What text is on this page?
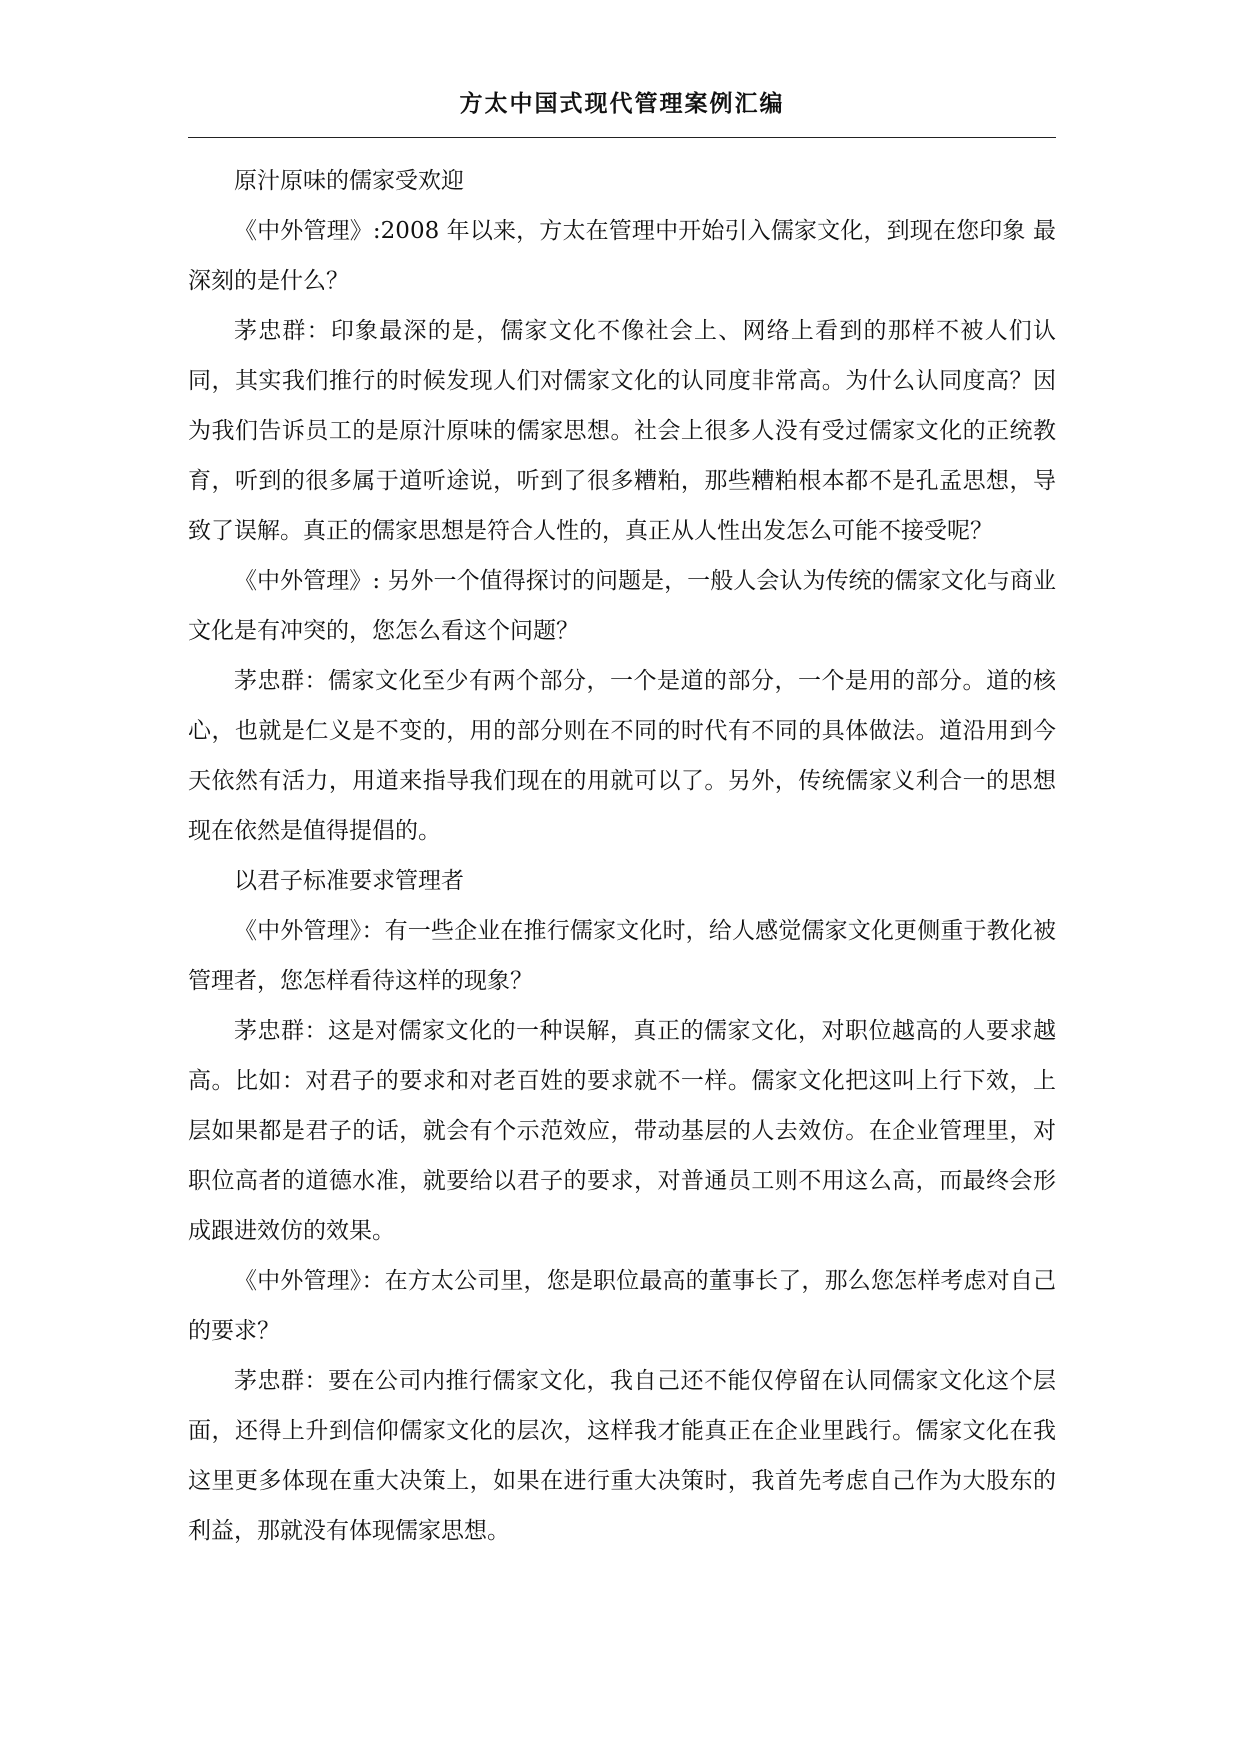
方太中国式现代管理案例汇编

原汁原味的儒家受欢迎

《中外管理》:2008 年以来，方太在管理中开始引入儒家文化，到现在您印象 最深刻的是什么？

茅忠群：印象最深的是，儒家文化不像社会上、网络上看到的那样不被人们认同，其实我们推行的时候发现人们对儒家文化的认同度非常高。为什么认同度高？因为我们告诉员工的是原汁原味的儒家思想。社会上很多人没有受过儒家文化的正统教育，听到的很多属于道听途说，听到了很多糟粕，那些糟粕根本都不是孔孟思想，导致了误解。真正的儒家思想是符合人性的，真正从人性出发怎么可能不接受呢？

《中外管理》: 另外一个值得探讨的问题是，一般人会认为传统的儒家文化与商业文化是有冲突的，您怎么看这个问题？

茅忠群：儒家文化至少有两个部分，一个是道的部分，一个是用的部分。道的核心，也就是仁义是不变的，用的部分则在不同的时代有不同的具体做法。道沿用到今天依然有活力，用道来指导我们现在的用就可以了。另外，传统儒家义利合一的思想现在依然是值得提倡的。

以君子标准要求管理者

《中外管理》：有一些企业在推行儒家文化时，给人感觉儒家文化更侧重于教化被管理者，您怎样看待这样的现象？

茅忠群：这是对儒家文化的一种误解，真正的儒家文化，对职位越高的人要求越高。比如：对君子的要求和对老百姓的要求就不一样。儒家文化把这叫上行下效，上层如果都是君子的话，就会有个示范效应，带动基层的人去效仿。在企业管理里，对职位高者的道德水准，就要给以君子的要求，对普通员工则不用这么高，而最终会形成跟进效仿的效果。

《中外管理》：在方太公司里，您是职位最高的董事长了，那么您怎样考虑对自己的要求？

茅忠群：要在公司内推行儒家文化，我自己还不能仅停留在认同儒家文化这个层面，还得上升到信仰儒家文化的层次，这样我才能真正在企业里践行。儒家文化在我这里更多体现在重大决策上，如果在进行重大决策时，我首先考虑自己作为大股东的利益，那就没有体现儒家思想。
